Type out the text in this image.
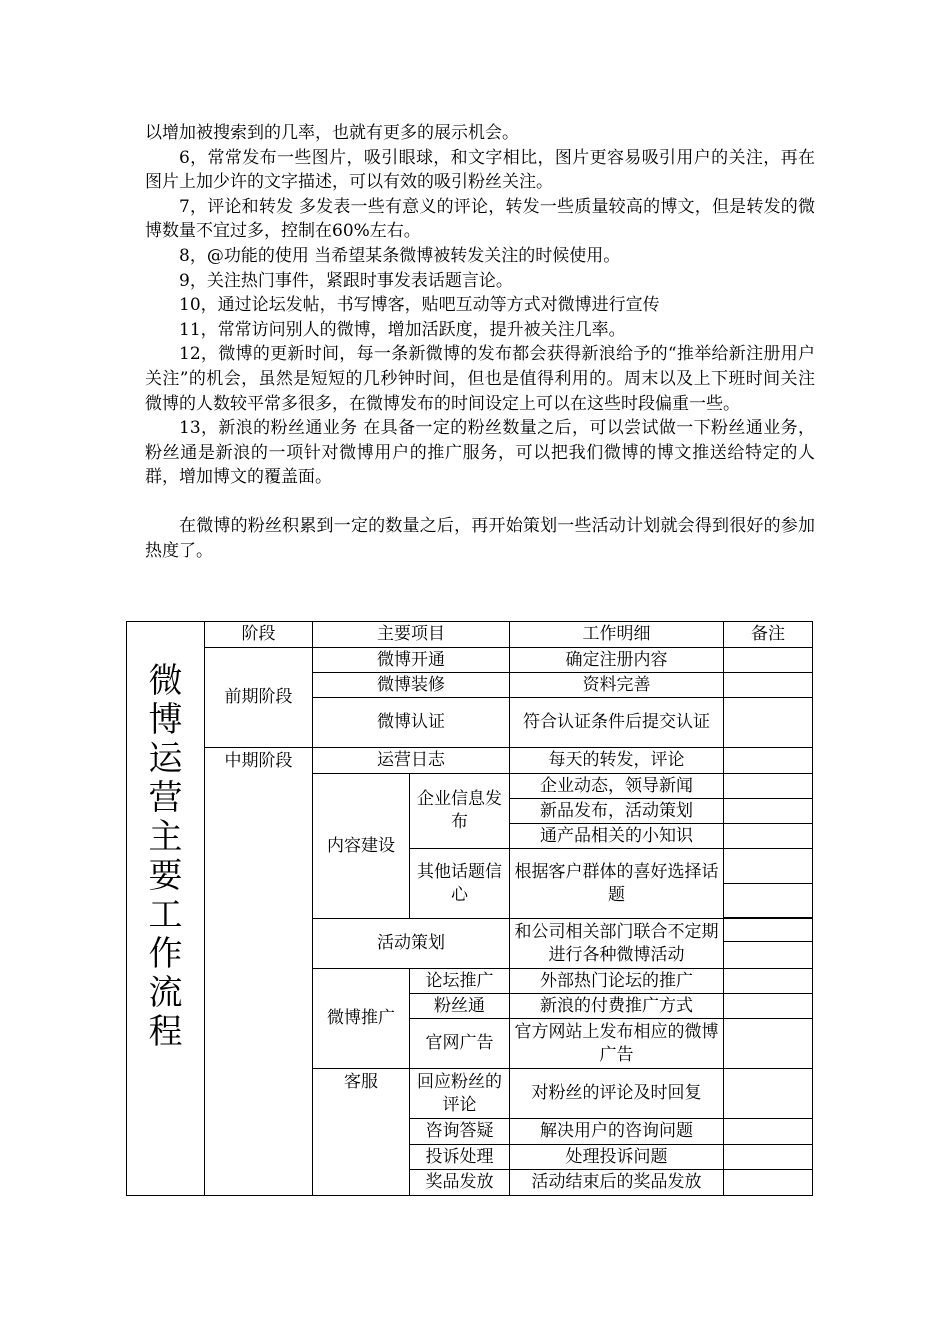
以增加被搜索到的几率，也就有更多的展示机会。

6，常常发布一些图片，吸引眼球，和文字相比，图片更容易吸引用户的关注，再在图片上加少许的文字描述，可以有效的吸引粉丝关注。

7，评论和转发 多发表一些有意义的评论，转发一些质量较高的博文，但是转发的微博数量不宜过多，控制在60%左右。

8，@功能的使用 当希望某条微博被转发关注的时候使用。

9，关注热门事件，紧跟时事发表话题言论。

10，通过论坛发帖，书写博客，贴吧互动等方式对微博进行宣传

11，常常访问别人的微博，增加活跃度，提升被关注几率。

12，微博的更新时间，每一条新微博的发布都会获得新浪给予的“推举给新注册用户关注”的机会，虽然是短短的几秒钟时间，但也是值得利用的。周末以及上下班时间关注微博的人数较平常多很多，在微博发布的时间设定上可以在这些时段偏重一些。

13，新浪的粉丝通业务 在具备一定的粉丝数量之后，可以尝试做一下粉丝通业务，粉丝通是新浪的一项针对微博用户的推广服务，可以把我们微博的博文推送给特定的人群，增加博文的覆盖面。

在微博的粉丝积累到一定的数量之后，再开始策划一些活动计划就会得到很好的参加热度了。

微博运营主要工作流程	阶段	主要项目		工作明细	备注
	前期阶段	微博开通		确定注册内容	
		微博装修		资料完善	
		微博认证		符合认证条件后提交认证	
	中期阶段	运营日志		每天的转发，评论	
		内容建设	企业信息发布	企业动态，领导新闻	
				新品发布，活动策划	
				通产品相关的小知识	
			其他话题信心	根据客户群体的喜好选择话题	

		活动策划		和公司相关部门联合不定期进行各种微博活动	

		微博推广	论坛推广	外部热门论坛的推广	
			粉丝通	新浪的付费推广方式	
			官网广告	官方网站上发布相应的微博广告	
		客服	回应粉丝的评论	对粉丝的评论及时回复	
			咨询答疑	解决用户的咨询问题	
			投诉处理	处理投诉问题	
			奖品发放	活动结束后的奖品发放	
